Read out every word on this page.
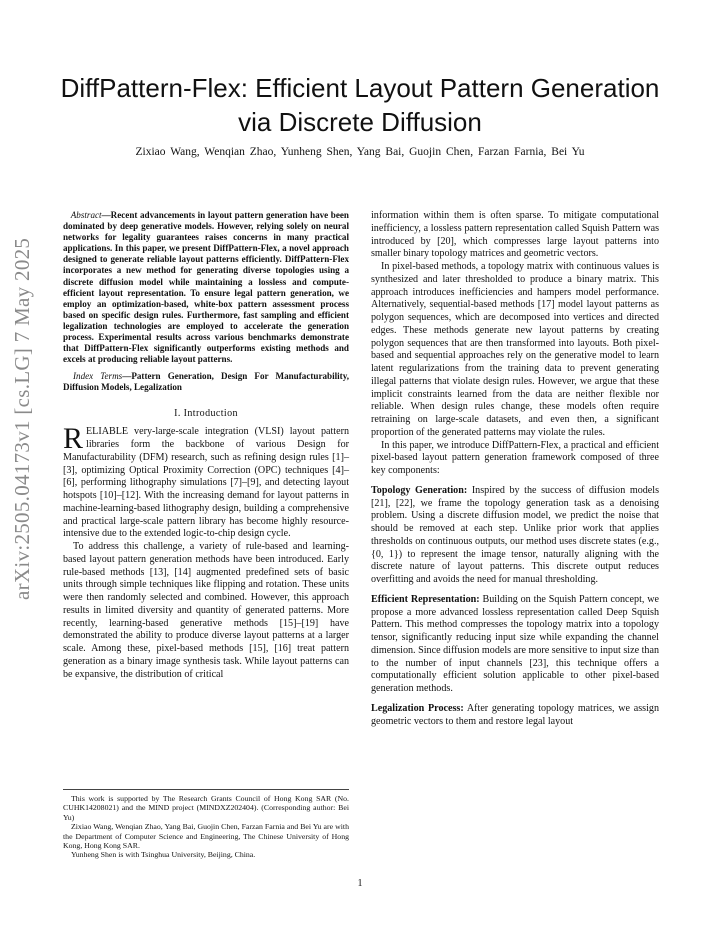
arXiv:2505.04173v1 [cs.LG] 7 May 2025
DiffPattern-Flex: Efficient Layout Pattern Generation
via Discrete Diffusion
Zixiao Wang, Wenqian Zhao, Yunheng Shen, Yang Bai, Guojin Chen, Farzan Farnia, Bei Yu

Abstract—Recent advancements in layout pattern generation have been dominated by deep generative models. However, relying solely on neural networks for legality guarantees raises concerns in many practical applications. In this paper, we present DiffPattern-Flex, a novel approach designed to generate reliable layout patterns efficiently. DiffPattern-Flex incorporates a new method for generating diverse topologies using a discrete diffusion model while maintaining a lossless and compute-efficient layout representation. To ensure legal pattern generation, we employ an optimization-based, white-box pattern assessment process based on specific design rules. Furthermore, fast sampling and efficient legalization technologies are employed to accelerate the generation process. Experimental results across various benchmarks demonstrate that DiffPattern-Flex significantly outperforms existing methods and excels at producing reliable layout patterns.

Index Terms—Pattern Generation, Design For Manufacturability, Diffusion Models, Legalization

I. Introduction

RELIABLE very-large-scale integration (VLSI) layout pattern libraries form the backbone of various Design for Manufacturability (DFM) research, such as refining design rules [1]–[3], optimizing Optical Proximity Correction (OPC) techniques [4]–[6], performing lithography simulations [7]–[9], and detecting layout hotspots [10]–[12]. With the increasing demand for layout patterns in machine-learning-based lithography design, building a comprehensive and practical large-scale pattern library has become highly resource-intensive due to the extended logic-to-chip design cycle.

To address this challenge, a variety of rule-based and learning-based layout pattern generation methods have been introduced. Early rule-based methods [13], [14] augmented predefined sets of basic units through simple techniques like flipping and rotation. These units were then randomly selected and combined. However, this approach results in limited diversity and quantity of generated patterns. More recently, learning-based generative methods [15]–[19] have demonstrated the ability to produce diverse layout patterns at a larger scale. Among these, pixel-based methods [15], [16] treat pattern generation as a binary image synthesis task. While layout patterns can be expansive, the distribution of critical

This work is supported by The Research Grants Council of Hong Kong SAR (No. CUHK14208021) and the MIND project (MINDXZ202404). (Corresponding author: Bei Yu)

Zixiao Wang, Wenqian Zhao, Yang Bai, Guojin Chen, Farzan Farnia and Bei Yu are with the Department of Computer Science and Engineering, The Chinese University of Hong Kong, Hong Kong SAR.

Yunheng Shen is with Tsinghua University, Beijing, China.

information within them is often sparse. To mitigate computational inefficiency, a lossless pattern representation called Squish Pattern was introduced by [20], which compresses large layout patterns into smaller binary topology matrices and geometric vectors.

In pixel-based methods, a topology matrix with continuous values is synthesized and later thresholded to produce a binary matrix. This approach introduces inefficiencies and hampers model performance. Alternatively, sequential-based methods [17] model layout patterns as polygon sequences, which are decomposed into vertices and directed edges. These methods generate new layout patterns by creating polygon sequences that are then transformed into layouts. Both pixel-based and sequential approaches rely on the generative model to learn latent regularizations from the training data to prevent generating illegal patterns that violate design rules. However, we argue that these implicit constraints learned from the data are neither flexible nor reliable. When design rules change, these models often require retraining on large-scale datasets, and even then, a significant proportion of the generated patterns may violate the rules.

In this paper, we introduce DiffPattern-Flex, a practical and efficient pixel-based layout pattern generation framework composed of three key components:

Topology Generation: Inspired by the success of diffusion models [21], [22], we frame the topology generation task as a denoising problem. Using a discrete diffusion model, we predict the noise that should be removed at each step. Unlike prior work that applies thresholds on continuous outputs, our method uses discrete states (e.g., {0, 1}) to represent the image tensor, naturally aligning with the discrete nature of layout patterns. This discrete output reduces overfitting and avoids the need for manual thresholding.

Efficient Representation: Building on the Squish Pattern concept, we propose a more advanced lossless representation called Deep Squish Pattern. This method compresses the topology matrix into a topology tensor, significantly reducing input size while expanding the channel dimension. Since diffusion models are more sensitive to input size than to the number of input channels [23], this technique offers a computationally efficient solution applicable to other pixel-based generation methods.

Legalization Process: After generating topology matrices, we assign geometric vectors to them and restore legal layout

1
